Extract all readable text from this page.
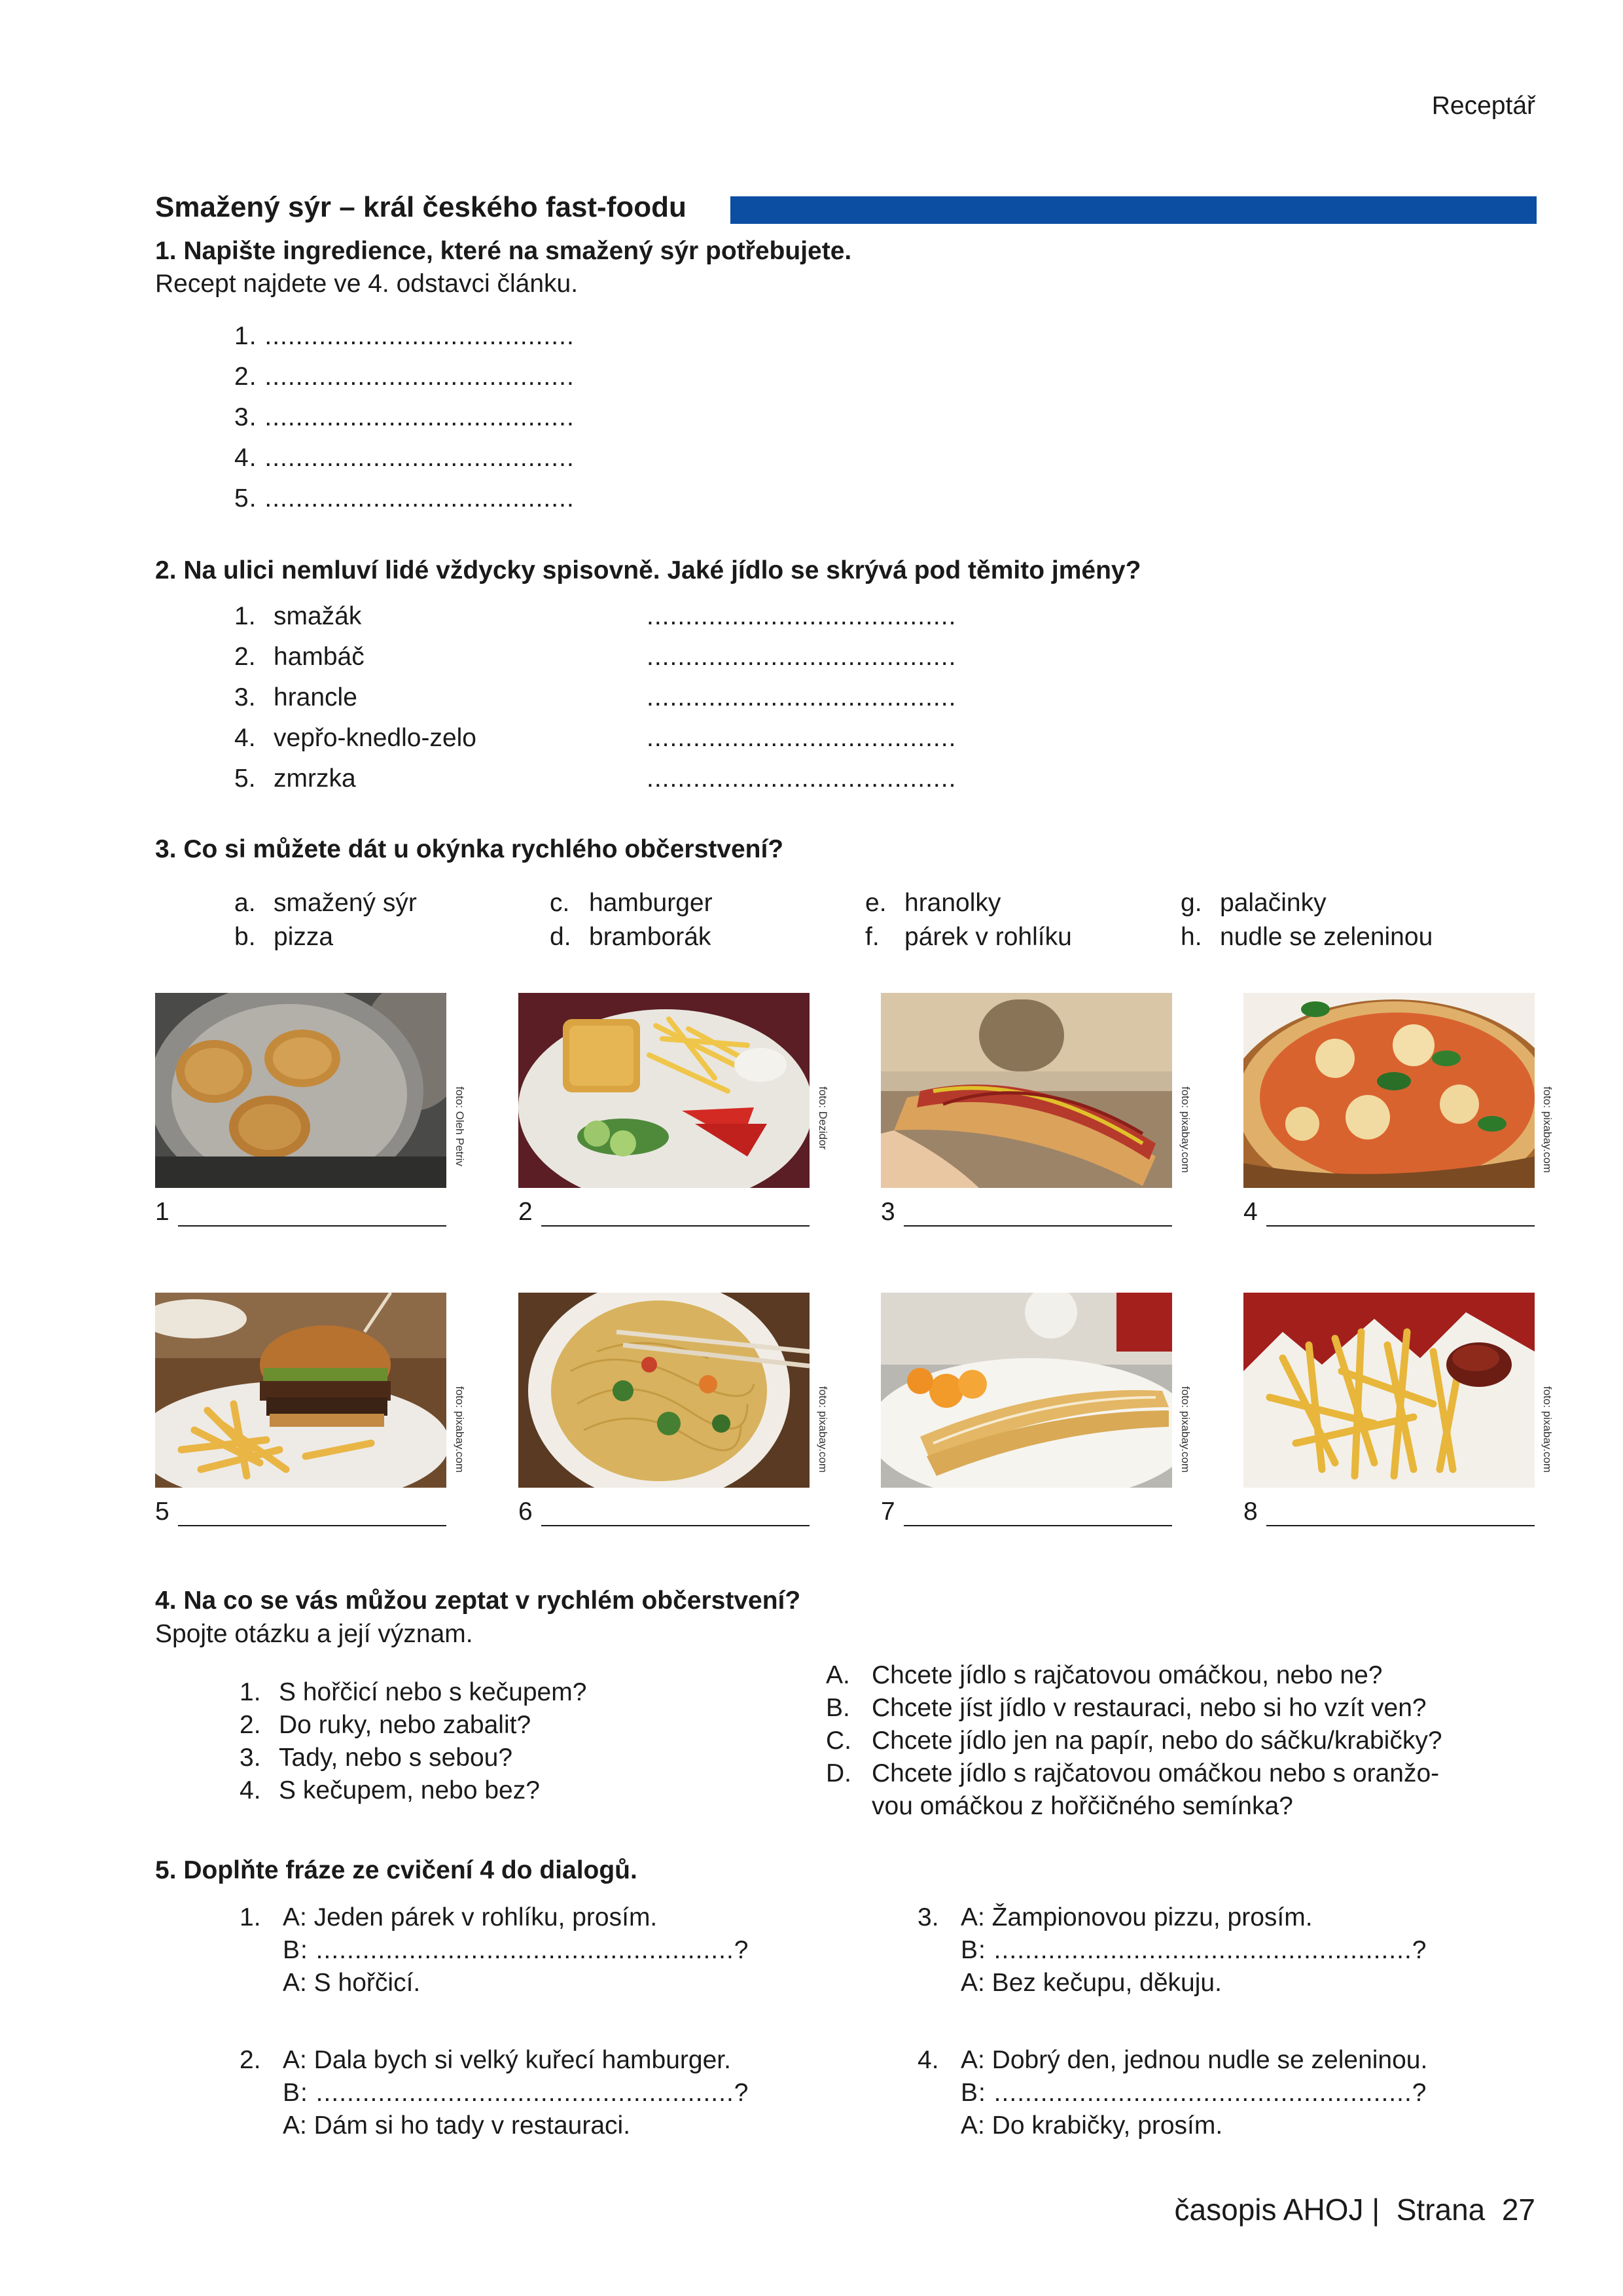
Receptář
Smažený sýr – král českého fast-foodu
1. Napište ingredience, které na smažený sýr potřebujete.
Recept najdete ve 4. odstavci článku.
1. ........................................
2. ........................................
3. ........................................
4. ........................................
5. ........................................
2. Na ulici nemluví lidé vždycky spisovně. Jaké jídlo se skrývá pod těmito jmény?
1. smažák	........................................
2. hambáč	........................................
3. hrancle	........................................
4. vepřo-knedlo-zelo	........................................
5. zmrzka	........................................
3. Co si můžete dát u okýnka rychlého občerstvení?
a. smažený sýr
b. pizza
c. hamburger
d. bramborák
e. hranolky
f. párek v rohlíku
g. palačinky
h. nudle se zeleninou
foto: Oleh Petriv	foto: Dezidor	foto: pixabay.com	foto: pixabay.com
1	2	3	4
foto: pixabay.com	foto: pixabay.com	foto: pixabay.com	foto: pixabay.com
5	6	7	8
4. Na co se vás můžou zeptat v rychlém občerstvení?
Spojte otázku a její význam.
1. S hořčicí nebo s kečupem?
2. Do ruky, nebo zabalit?
3. Tady, nebo s sebou?
4. S kečupem, nebo bez?
A. Chcete jídlo s rajčatovou omáčkou, nebo ne?
B. Chcete jíst jídlo v restauraci, nebo si ho vzít ven?
C. Chcete jídlo jen na papír, nebo do sáčku/krabičky?
D. Chcete jídlo s rajčatovou omáčkou nebo s oranžo-
vou omáčkou z hořčičného semínka?
5. Doplňte fráze ze cvičení 4 do dialogů.
1. A: Jeden párek v rohlíku, prosím.
B: ......................................................?
A: S hořčicí.
2. A: Dala bych si velký kuřecí hamburger.
B: ......................................................?
A: Dám si ho tady v restauraci.
3. A: Žampionovou pizzu, prosím.
B: ......................................................?
A: Bez kečupu, děkuju.
4. A: Dobrý den, jednou nudle se zeleninou.
B: ......................................................?
A: Do krabičky, prosím.
časopis AHOJ |  Strana  27
